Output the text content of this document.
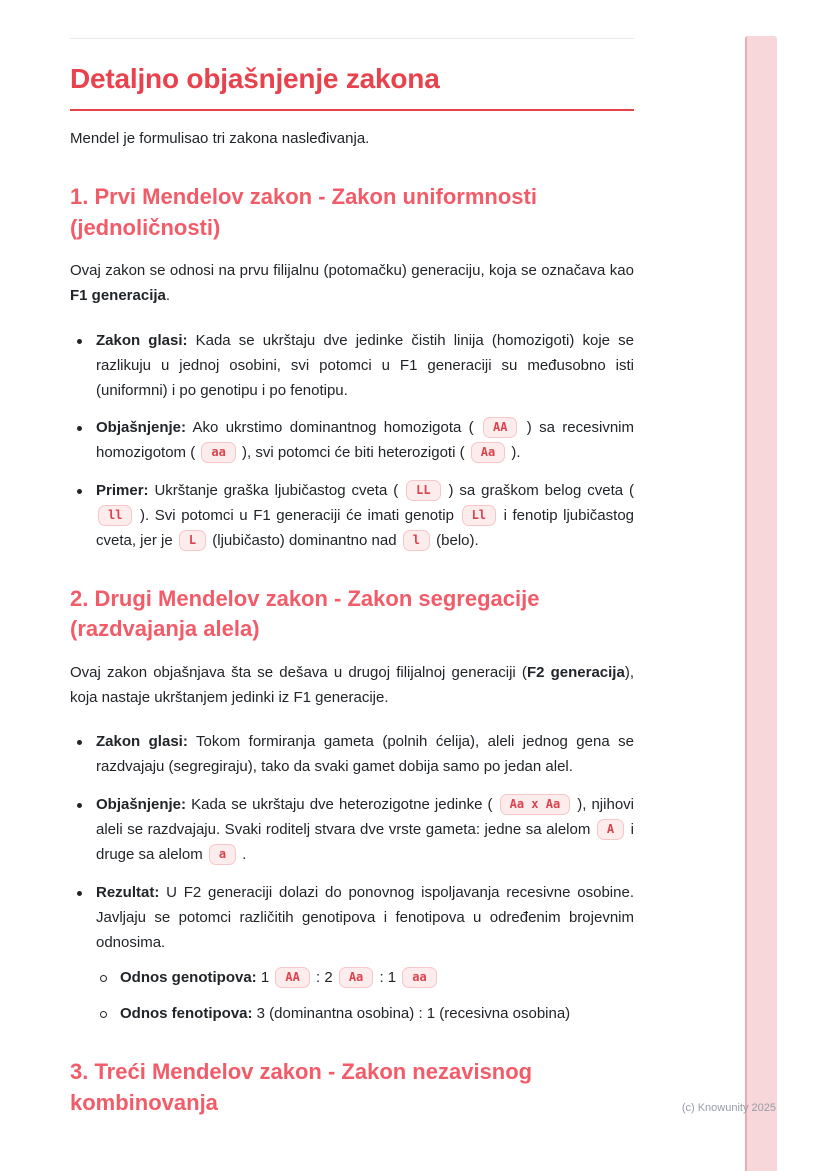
Detaljno objašnjenje zakona

Mendel je formulisao tri zakona nasleđivanja.

1. Prvi Mendelov zakon - Zakon uniformnosti (jednoličnosti)

Ovaj zakon se odnosi na prvu filijalnu (potomačku) generaciju, koja se označava kao F1 generacija.

Zakon glasi: Kada se ukrštaju dve jedinke čistih linija (homozigoti) koje se razlikuju u jednoj osobini, svi potomci u F1 generaciji su međusobno isti (uniformni) i po genotipu i po fenotipu.
Objašnjenje: Ako ukrstimo dominantnog homozigota ( AA ) sa recesivnim homozigotom ( aa ), svi potomci će biti heterozigoti ( Aa ).
Primer: Ukrštanje graška ljubičastog cveta ( LL ) sa graškom belog cveta ( ll ). Svi potomci u F1 generaciji će imati genotip Ll i fenotip ljubičastog cveta, jer je L (ljubičasto) dominantno nad l (belo).
2. Drugi Mendelov zakon - Zakon segregacije (razdvajanja alela)

Ovaj zakon objašnjava šta se dešava u drugoj filijalnoj generaciji (F2 generacija), koja nastaje ukrštanjem jedinki iz F1 generacije.

Zakon glasi: Tokom formiranja gameta (polnih ćelija), aleli jednog gena se razdvajaju (segregiraju), tako da svaki gamet dobija samo po jedan alel.
Objašnjenje: Kada se ukrštaju dve heterozigotne jedinke ( Aa x Aa ), njihovi aleli se razdvajaju. Svaki roditelj stvara dve vrste gameta: jedne sa alelom A i druge sa alelom a .
Rezultat: U F2 generaciji dolazi do ponovnog ispoljavanja recesivne osobine. Javljaju se potomci različitih genotipova i fenotipova u određenim brojevnim odnosima.
Odnos genotipova: 1 AA : 2 Aa : 1 aa
Odnos fenotipova: 3 (dominantna osobina) : 1 (recesivna osobina)
3. Treći Mendelov zakon - Zakon nezavisnog kombinovanja	(c) Knowunity 2025
